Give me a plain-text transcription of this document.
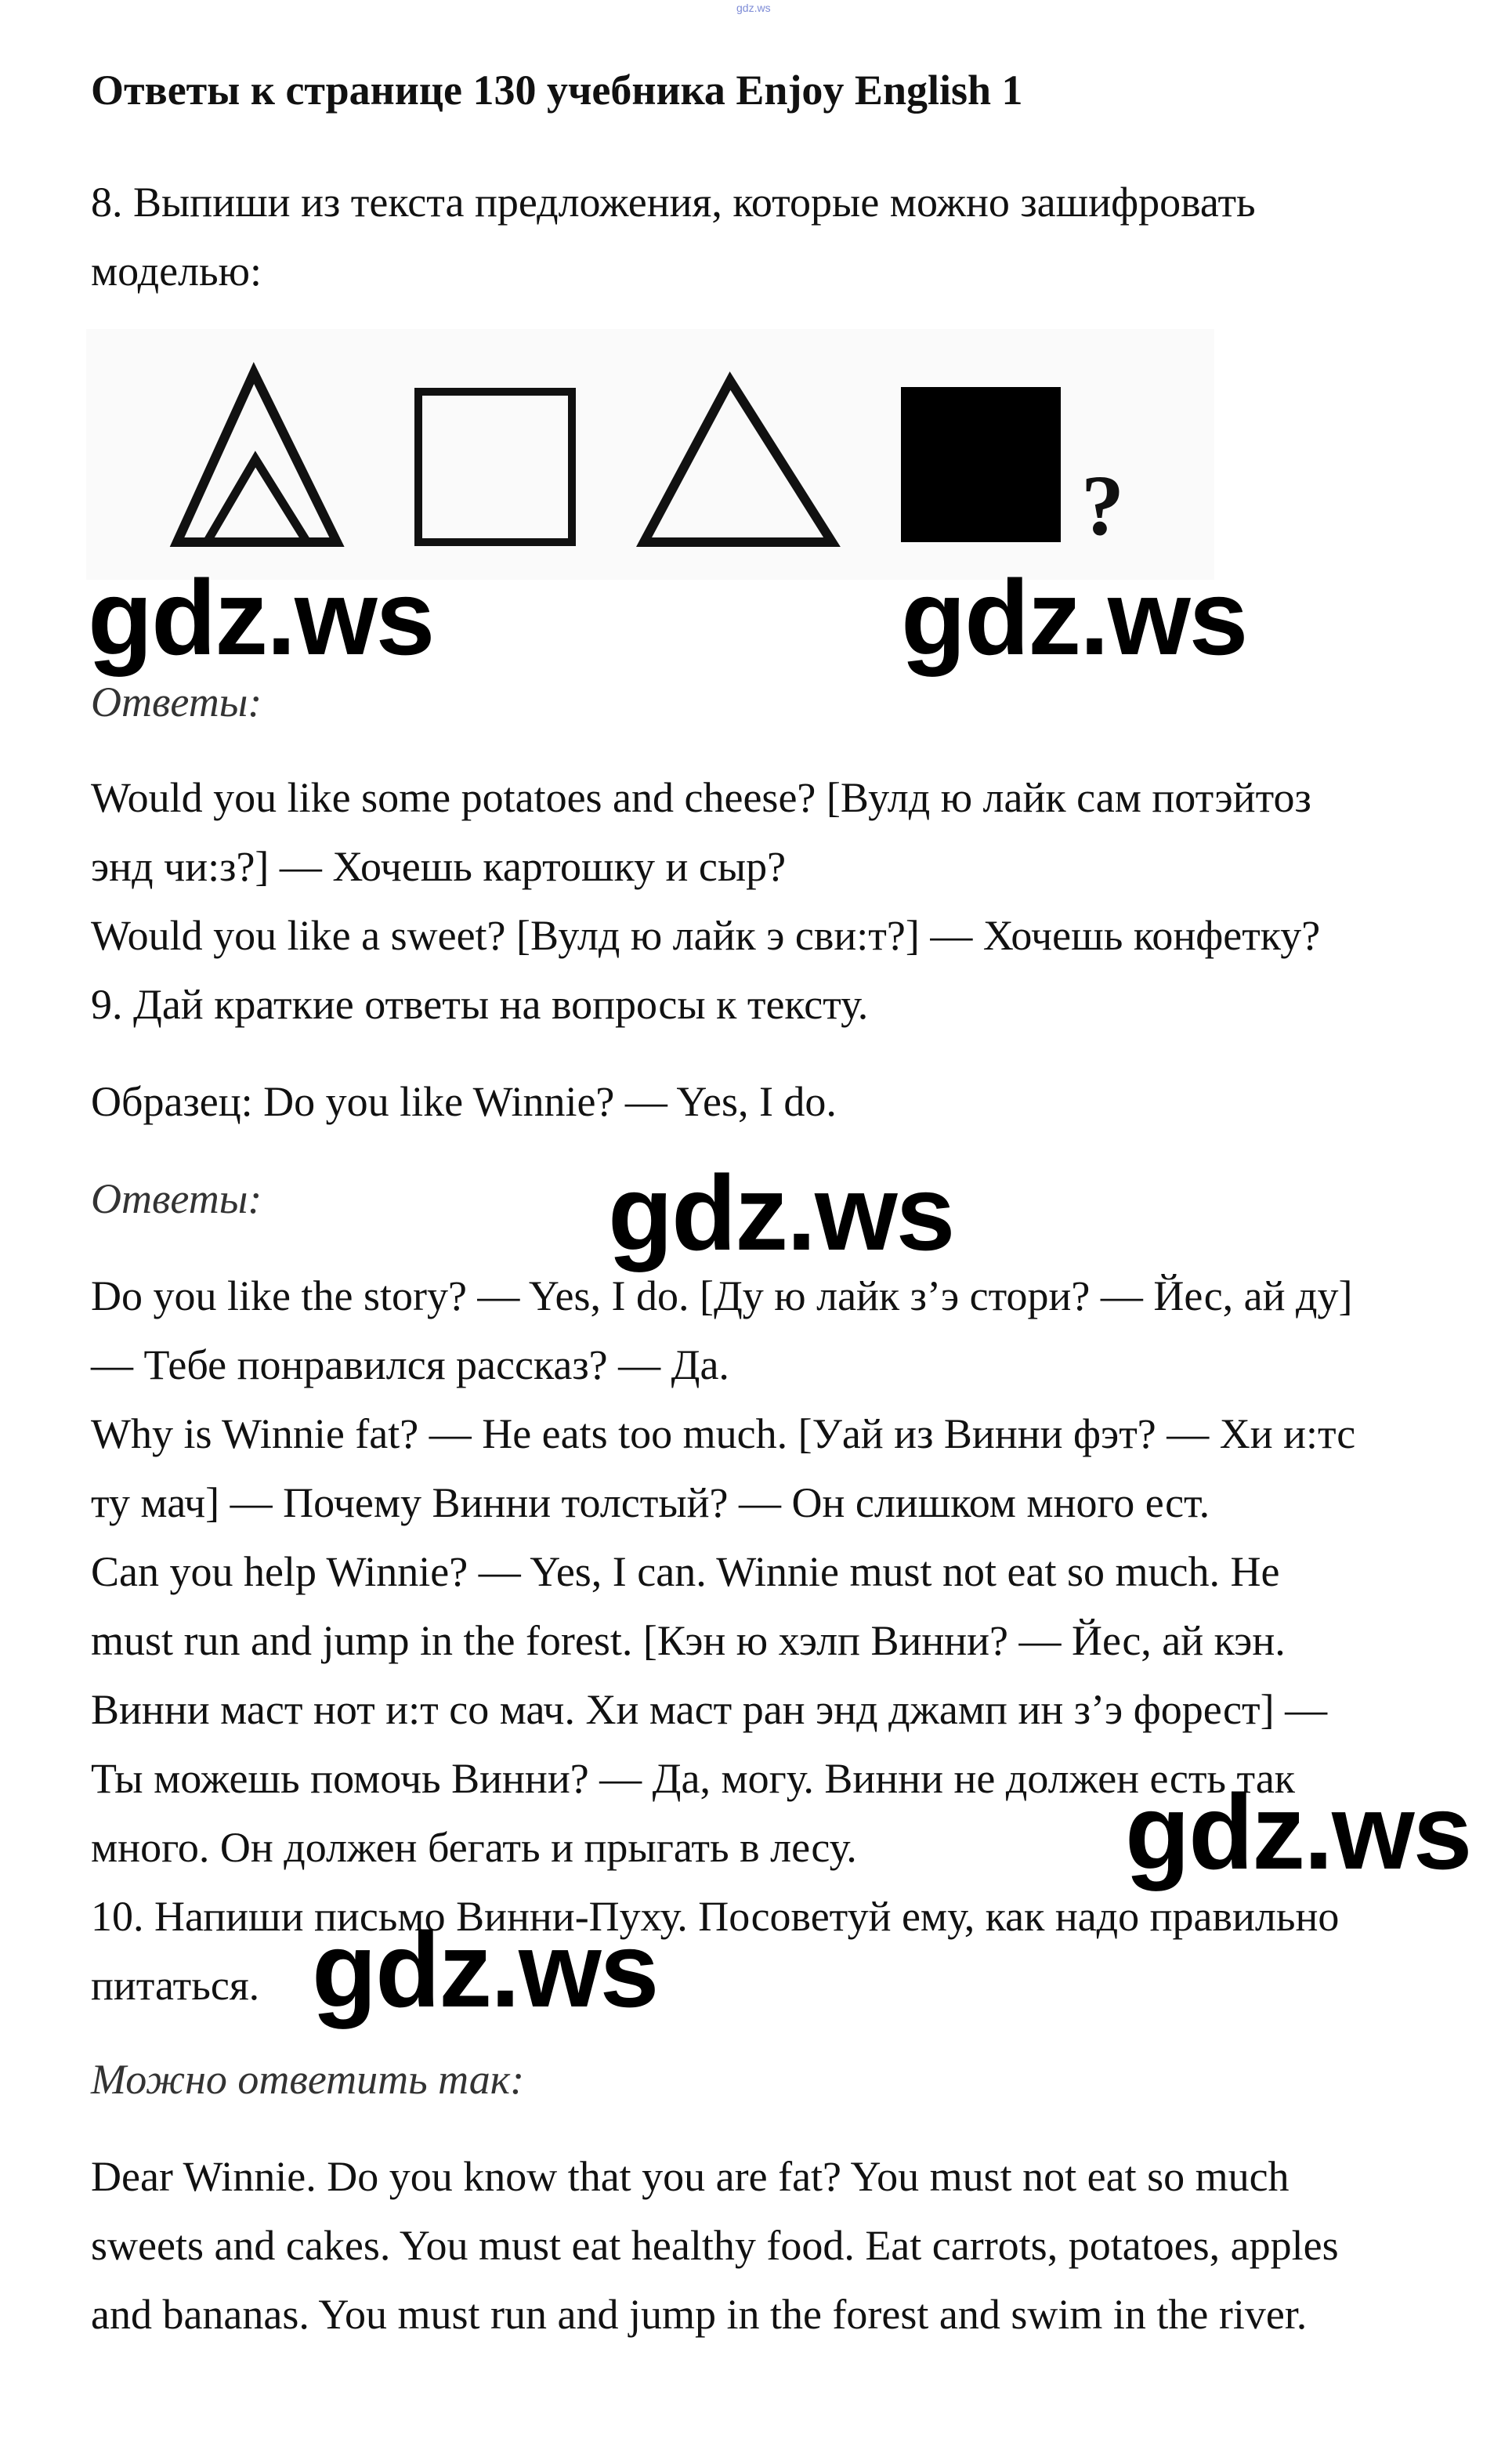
gdz.ws
Ответы к странице 130 учебника Enjoy English 1
8. Выпиши из текста предложения, которые можно зашифровать
моделью:
?
gdz.ws	gdz.ws
Ответы:
Would you like some potatoes and cheese? [Вулд ю лайк сам потэйтоз
энд чи:з?] — Хочешь картошку и сыр?
Would you like a sweet? [Вулд ю лайк э сви:т?] — Хочешь конфетку?
9. Дай краткие ответы на вопросы к тексту.
Образец: Do you like Winnie? — Yes, I do.
Ответы:	gdz.ws
Do you like the story? — Yes, I do. [Ду ю лайк з’э стори? — Йес, ай ду]
— Тебе понравился рассказ? — Да.
Why is Winnie fat? — He eats too much. [Уай из Винни фэт? — Хи и:тс
ту мач] — Почему Винни толстый? — Он слишком много ест.
Can you help Winnie? — Yes, I can. Winnie must not eat so much. He
must run and jump in the forest. [Кэн ю хэлп Винни? — Йес, ай кэн.
Винни маст нот и:т со мач. Хи маст ран энд джамп ин з’э форест] —
Ты можешь помочь Винни? — Да, могу. Винни не должен есть так
много. Он должен бегать и прыгать в лесу.	gdz.ws
10. Напиши письмо Винни-Пуху. Посоветуй ему, как надо правильно
питаться. gdz.ws
Можно ответить так:
Dear Winnie. Do you know that you are fat? You must not eat so much
sweets and cakes. You must eat healthy food. Eat carrots, potatoes, apples
and bananas. You must run and jump in the forest and swim in the river.
